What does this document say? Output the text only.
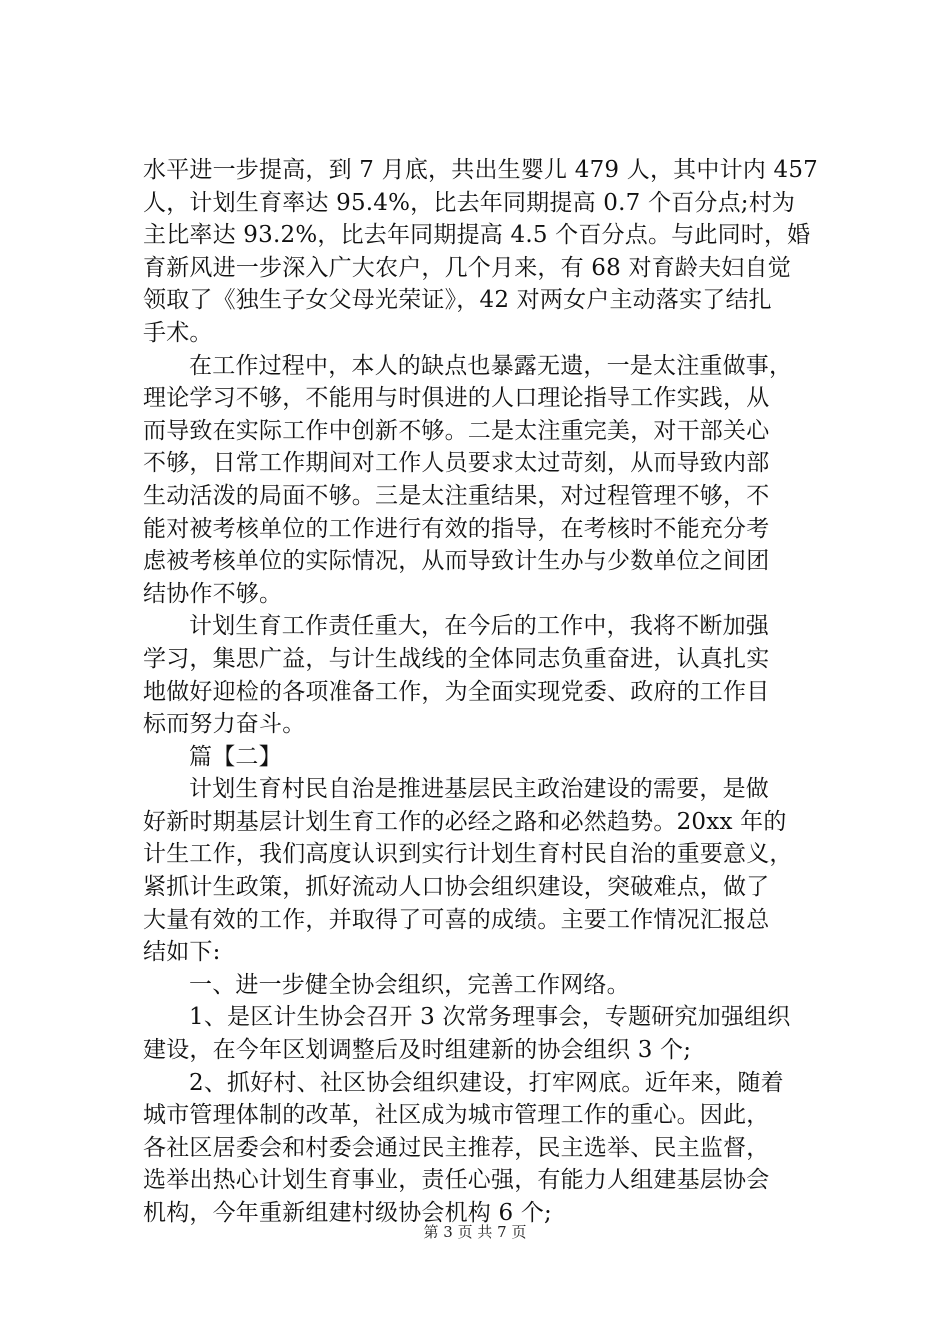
水平进一步提高，到 7 月底，共出生婴儿 479 人，其中计内 457
人，计划生育率达 95.4%，比去年同期提高 0.7 个百分点;村为
主比率达 93.2%，比去年同期提高 4.5 个百分点。与此同时，婚
育新风进一步深入广大农户，几个月来，有 68 对育龄夫妇自觉
领取了《独生子女父母光荣证》，42 对两女户主动落实了结扎
手术。
在工作过程中，本人的缺点也暴露无遗，一是太注重做事，
理论学习不够，不能用与时俱进的人口理论指导工作实践，从
而导致在实际工作中创新不够。二是太注重完美，对干部关心
不够，日常工作期间对工作人员要求太过苛刻，从而导致内部
生动活泼的局面不够。三是太注重结果，对过程管理不够，不
能对被考核单位的工作进行有效的指导，在考核时不能充分考
虑被考核单位的实际情况，从而导致计生办与少数单位之间团
结协作不够。
计划生育工作责任重大，在今后的工作中，我将不断加强
学习，集思广益，与计生战线的全体同志负重奋进，认真扎实
地做好迎检的各项准备工作，为全面实现党委、政府的工作目
标而努力奋斗。
篇【二】
计划生育村民自治是推进基层民主政治建设的需要，是做
好新时期基层计划生育工作的必经之路和必然趋势。20xx 年的
计生工作，我们高度认识到实行计划生育村民自治的重要意义，
紧抓计生政策，抓好流动人口协会组织建设，突破难点，做了
大量有效的工作，并取得了可喜的成绩。主要工作情况汇报总
结如下:
一、进一步健全协会组织，完善工作网络。
1、是区计生协会召开 3 次常务理事会，专题研究加强组织
建设，在今年区划调整后及时组建新的协会组织 3 个;
2、抓好村、社区协会组织建设，打牢网底。近年来，随着
城市管理体制的改革，社区成为城市管理工作的重心。因此，
各社区居委会和村委会通过民主推荐，民主选举、民主监督，
选举出热心计划生育事业，责任心强，有能力人组建基层协会
机构，今年重新组建村级协会机构 6 个;
第 3 页 共 7 页
